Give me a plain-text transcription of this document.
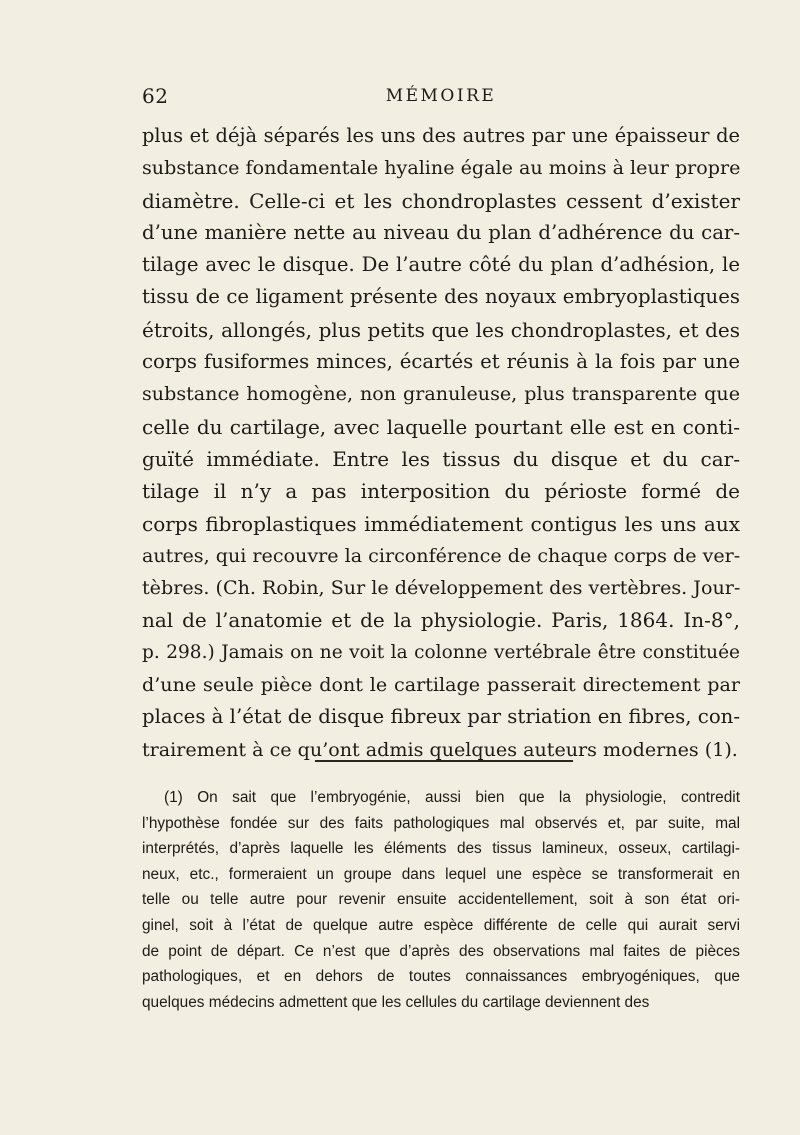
62	MÉMOIRE
plus et déjà séparés les uns des autres par une épaisseur de
substance fondamentale hyaline égale au moins à leur propre
diamètre. Celle-ci et les chondroplastes cessent d’exister
d’une manière nette au niveau du plan d’adhérence du car-
tilage avec le disque. De l’autre côté du plan d’adhésion, le
tissu de ce ligament présente des noyaux embryoplastiques
étroits, allongés, plus petits que les chondroplastes, et des
corps fusiformes minces, écartés et réunis à la fois par une
substance homogène, non granuleuse, plus transparente que
celle du cartilage, avec laquelle pourtant elle est en conti-
guïté immédiate. Entre les tissus du disque et du car-
tilage il n’y a pas interposition du périoste formé de
corps fibroplastiques immédiatement contigus les uns aux
autres, qui recouvre la circonférence de chaque corps de ver-
tèbres. (Ch. Robin, Sur le développement des vertèbres. Jour-
nal de l’anatomie et de la physiologie. Paris, 1864. In-8°,
p. 298.) Jamais on ne voit la colonne vertébrale être constituée
d’une seule pièce dont le cartilage passerait directement par
places à l’état de disque fibreux par striation en fibres, con-
trairement à ce qu’ont admis quelques auteurs modernes (1).
(1) On sait que l’embryogénie, aussi bien que la physiologie, contredit
l’hypothèse fondée sur des faits pathologiques mal observés et, par suite, mal
interprétés, d’après laquelle les éléments des tissus lamineux, osseux, cartilagi-
neux, etc., formeraient un groupe dans lequel une espèce se transformerait en
telle ou telle autre pour revenir ensuite accidentellement, soit à son état ori-
ginel, soit à l’état de quelque autre espèce différente de celle qui aurait servi
de point de départ. Ce n’est que d’après des observations mal faites de pièces
pathologiques, et en dehors de toutes connaissances embryogéniques, que
quelques médecins admettent que les cellules du cartilage deviennent des
